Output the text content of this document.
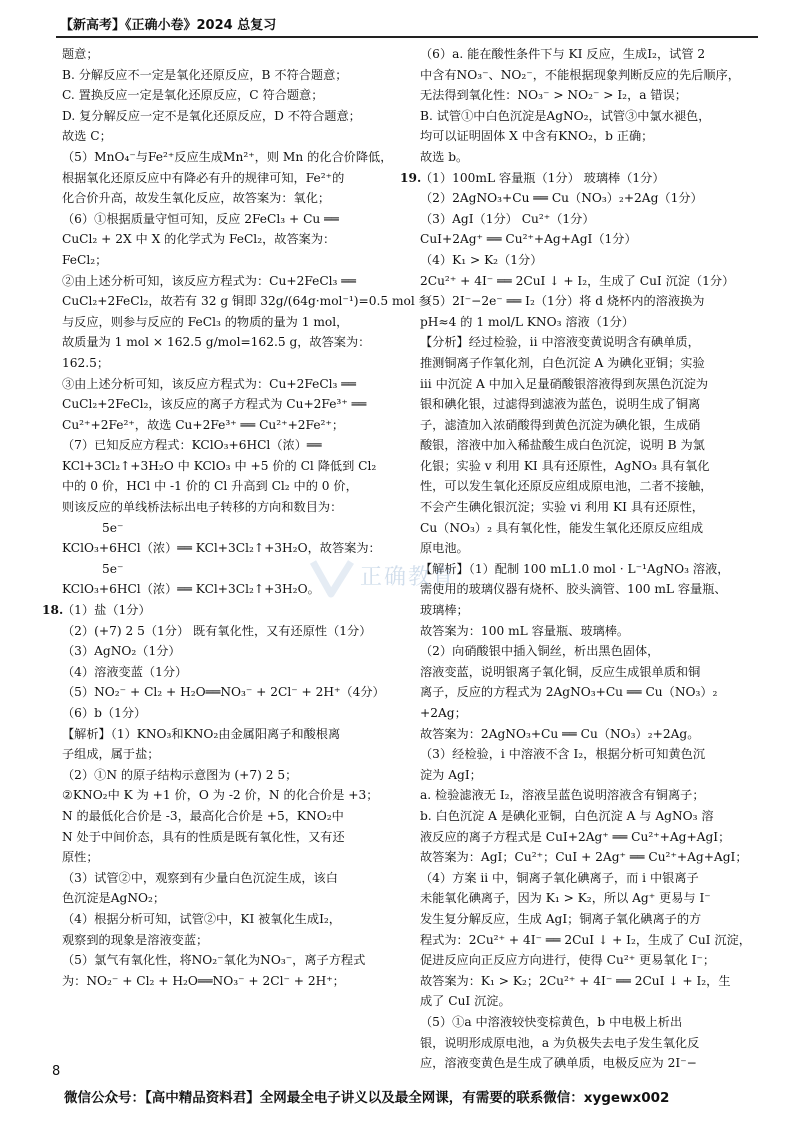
【新高考】《正确小卷》2024 总复习

题意；

B. 分解反应不一定是氧化还原反应，B 不符合题意；

C. 置换反应一定是氧化还原反应，C 符合题意；

D. 复分解反应一定不是氧化还原反应，D 不符合题意；

故选 C；

（5）MnO₄⁻与Fe²⁺反应生成Mn²⁺，则 Mn 的化合价降低，

根据氧化还原反应中有降必有升的规律可知，Fe²⁺的

化合价升高，故发生氧化反应，故答案为：氧化；

（6）①根据质量守恒可知，反应 2FeCl₃ + Cu ══

CuCl₂ + 2X 中 X 的化学式为 FeCl₂，故答案为：

FeCl₂；

②由上述分析可知，该反应方程式为：Cu+2FeCl₃ ══

CuCl₂+2FeCl₂，故若有 32 g 铜即 32g/(64g·mol⁻¹)=0.5 mol 参

与反应，则参与反应的 FeCl₃ 的物质的量为 1 mol，

故质量为 1 mol × 162.5 g/mol=162.5 g，故答案为：

162.5；

③由上述分析可知，该反应方程式为：Cu+2FeCl₃ ══

CuCl₂+2FeCl₂，该反应的离子方程式为 Cu+2Fe³⁺ ══

Cu²⁺+2Fe²⁺，故选 Cu+2Fe³⁺ ══ Cu²⁺+2Fe²⁺；

（7）已知反应方程式：KClO₃+6HCl（浓）══

KCl+3Cl₂↑+3H₂O 中 KClO₃ 中 +5 价的 Cl 降低到 Cl₂

中的 0 价，HCl 中 -1 价的 Cl 升高到 Cl₂ 中的 0 价，

则该反应的单线桥法标出电子转移的方向和数目为：

5e⁻

KClO₃+6HCl（浓）══ KCl+3Cl₂↑+3H₂O，故答案为：

5e⁻

KClO₃+6HCl（浓）══ KCl+3Cl₂↑+3H₂O。

18.（1）盐（1分）

（2）(+7) 2 5（1分） 既有氧化性，又有还原性（1分）

（3）AgNO₂（1分）

（4）溶液变蓝（1分）

（5）NO₂⁻ + Cl₂ + H₂O══NO₃⁻ + 2Cl⁻ + 2H⁺（4分）

（6）b（1分）

【解析】（1）KNO₃和KNO₂由金属阳离子和酸根离

子组成，属于盐；

（2）①N 的原子结构示意图为 (+7) 2 5；

②KNO₂中 K 为 +1 价，O 为 -2 价，N 的化合价是 +3；

N 的最低化合价是 -3，最高化合价是 +5，KNO₂中

N 处于中间价态，具有的性质是既有氧化性，又有还

原性；

（3）试管②中，观察到有少量白色沉淀生成，该白

色沉淀是AgNO₂；

（4）根据分析可知，试管②中，KI 被氧化生成I₂，

观察到的现象是溶液变蓝；

（5）氯气有氧化性，将NO₂⁻氧化为NO₃⁻，离子方程式

为：NO₂⁻ + Cl₂ + H₂O══NO₃⁻ + 2Cl⁻ + 2H⁺；

（6）a. 能在酸性条件下与 KI 反应，生成I₂，试管 2

中含有NO₃⁻、NO₂⁻，不能根据现象判断反应的先后顺序，

无法得到氧化性：NO₃⁻ > NO₂⁻ > I₂，a 错误；

B. 试管①中白色沉淀是AgNO₂，试管③中氯水褪色，

均可以证明固体 X 中含有KNO₂，b 正确；

故选 b。

19.（1）100mL 容量瓶（1分） 玻璃棒（1分）

（2）2AgNO₃+Cu ══ Cu（NO₃）₂+2Ag（1分）

（3）AgI（1分） Cu²⁺（1分）

CuI+2Ag⁺ ══ Cu²⁺+Ag+AgI（1分）

（4）K₁ > K₂（1分）

2Cu²⁺ + 4I⁻ ══ 2CuI ↓ + I₂，生成了 CuI 沉淀（1分）

（5）2I⁻−2e⁻ ══ I₂（1分）将 d 烧杯内的溶液换为

pH≈4 的 1 mol/L KNO₃ 溶液（1分）

【分析】经过检验，ii 中溶液变黄说明含有碘单质，

推测铜离子作氧化剂，白色沉淀 A 为碘化亚铜；实验

iii 中沉淀 A 中加入足量硝酸银溶液得到灰黑色沉淀为

银和碘化银，过滤得到滤液为蓝色，说明生成了铜离

子，滤渣加入浓硝酸得到黄色沉淀为碘化银，生成硝

酸银，溶液中加入稀盐酸生成白色沉淀，说明 B 为氯

化银；实验 v 利用 KI 具有还原性，AgNO₃ 具有氧化

性，可以发生氧化还原反应组成原电池，二者不接触，

不会产生碘化银沉淀；实验 vi 利用 KI 具有还原性，

Cu（NO₃）₂ 具有氧化性，能发生氧化还原反应组成

原电池。

【解析】（1）配制 100 mL1.0 mol · L⁻¹AgNO₃ 溶液，

需使用的玻璃仪器有烧杯、胶头滴管、100 mL 容量瓶、

玻璃棒；

故答案为：100 mL 容量瓶、玻璃棒。

（2）向硝酸银中插入铜丝，析出黑色固体，

溶液变蓝，说明银离子氧化铜，反应生成银单质和铜

离子，反应的方程式为 2AgNO₃+Cu ══ Cu（NO₃）₂

+2Ag；

故答案为：2AgNO₃+Cu ══ Cu（NO₃）₂+2Ag。

（3）经检验，i 中溶液不含 I₂，根据分析可知黄色沉

淀为 AgI；

a. 检验滤液无 I₂，溶液呈蓝色说明溶液含有铜离子；

b. 白色沉淀 A 是碘化亚铜，白色沉淀 A 与 AgNO₃ 溶

液反应的离子方程式是 CuI+2Ag⁺ ══ Cu²⁺+Ag+AgI；

故答案为：AgI；Cu²⁺；CuI + 2Ag⁺ ══ Cu²⁺+Ag+AgI；

（4）方案 ii 中，铜离子氧化碘离子，而 i 中银离子

未能氧化碘离子，因为 K₁ > K₂，所以 Ag⁺ 更易与 I⁻

发生复分解反应，生成 AgI；铜离子氧化碘离子的方

程式为：2Cu²⁺ + 4I⁻ ══ 2CuI ↓ + I₂，生成了 CuI 沉淀，

促进反应向正反应方向进行，使得 Cu²⁺ 更易氧化 I⁻；

故答案为：K₁ > K₂；2Cu²⁺ + 4I⁻ ══ 2CuI ↓ + I₂，生

成了 CuI 沉淀。

（5）①a 中溶液较快变棕黄色，b 中电极上析出

银，说明形成原电池，a 为负极失去电子发生氧化反

应，溶液变黄色是生成了碘单质，电极反应为 2I⁻−

正确教育
8
微信公众号：【高中精品资料君】全网最全电子讲义以及最全网课，有需要的联系微信：xygewx002
